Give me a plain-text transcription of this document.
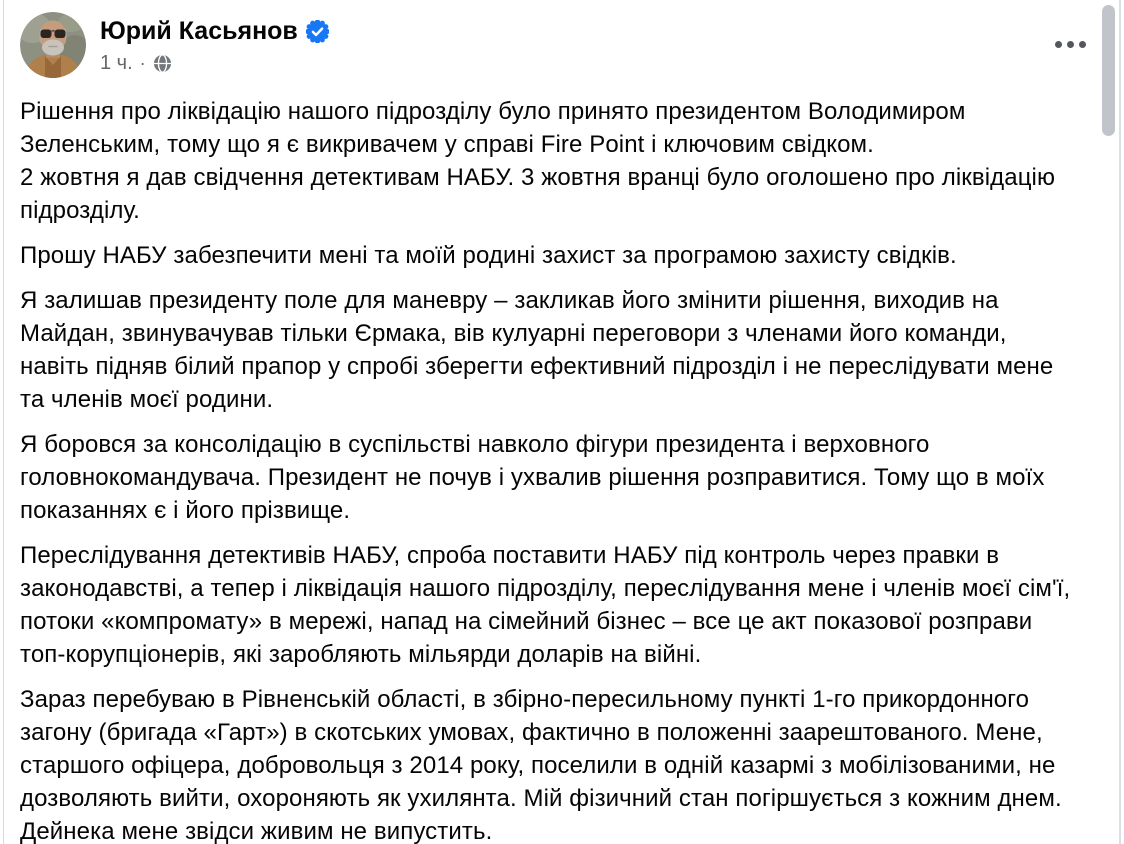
Юрий Касьянов
1 ч. ·

Рішення про ліквідацію нашого підрозділу було принято президентом Володимиром Зеленським, тому що я є викривачем у справі Fire Point і ключовим свідком.

2 жовтня я дав свідчення детективам НАБУ. 3 жовтня вранці було оголошено про ліквідацію підрозділу.

Прошу НАБУ забезпечити мені та моїй родині захист за програмою захисту свідків.

Я залишав президенту поле для маневру – закликав його змінити рішення, виходив на Майдан, звинувачував тільки Єрмака, вів кулуарні переговори з членами його команди, навіть підняв білий прапор у спробі зберегти ефективний підрозділ і не переслідувати мене та членів моєї родини.

Я боровся за консолідацію в суспільстві навколо фігури президента і верховного головнокомандувача. Президент не почув і ухвалив рішення розправитися. Тому що в моїх показаннях є і його прізвище.

Переслідування детективів НАБУ, спроба поставити НАБУ під контроль через правки в законодавстві, а тепер і ліквідація нашого підрозділу, переслідування мене і членів моєї сім'ї, потоки «компромату» в мережі, напад на сімейний бізнес – все це акт показової розправи топ-корупціонерів, які заробляють мільярди доларів на війні.

Зараз перебуваю в Рівненській області, в збірно-пересильному пункті 1-го прикордонного загону (бригада «Гарт») в скотських умовах, фактично в положенні заарештованого. Мене, старшого офіцера, добровольця з 2014 року, поселили в одній казармі з мобілізованими, не дозволяють вийти, охороняють як ухилянта. Мій фізичний стан погіршується з кожним днем. Дейнека мене звідси живим не випустить.
